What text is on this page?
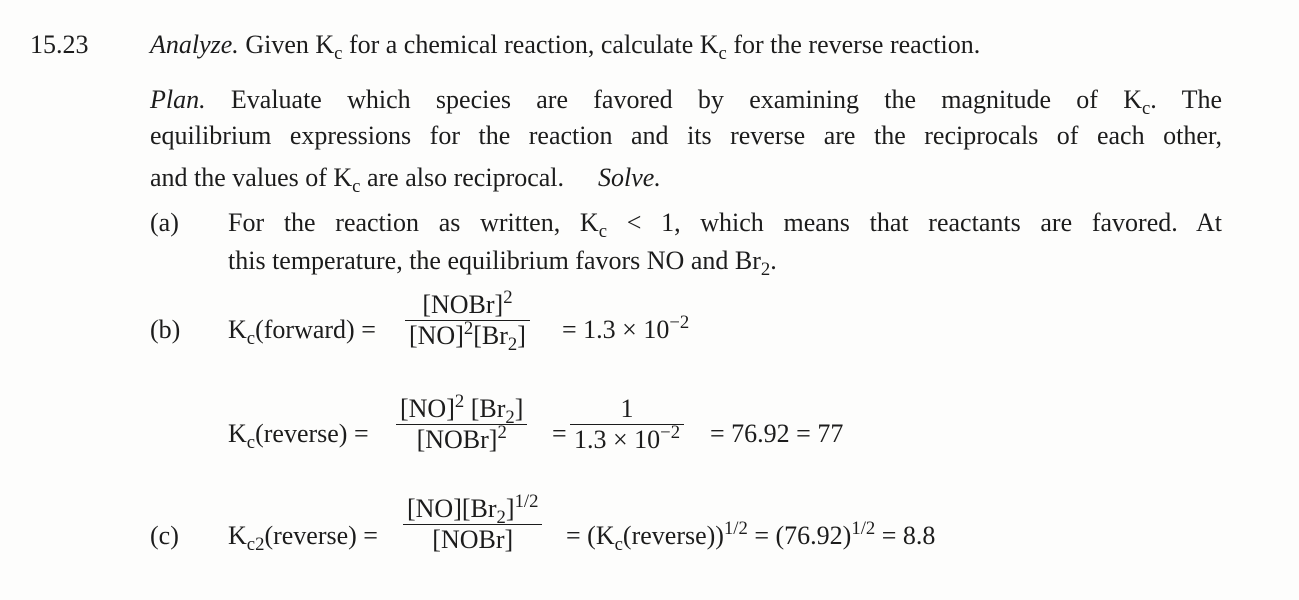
15.23 Analyze. Given $K_c$ for a chemical reaction, calculate $K_c$ for the reverse reaction.
Plan. Evaluate which species are favored by examining the magnitude of $K_c$. The
equilibrium expressions for the reaction and its reverse are the reciprocals of each other,
and the values of $K_c$ are also reciprocal. Solve.
(a) For the reaction as written, $K_c < 1$, which means that reactants are favored. At
this temperature, the equilibrium favors NO and $Br_2$.
(b) $K_c(forward)$ =
[NOBr]$^2$
$[NO]^2[Br_2] = 1.3 \times 10^{-2}$
$K_c(reverse)$ =
[NO]$^2$ $[Br_2]$
[NOBr]$^2$ =
1
$1.3 \times 10^{-2} = 76.92 = 77$
(c) $K_{c2}(reverse)$ =
$[NO][Br_2]^{1/2}$
[NOBr] = $(K_c(reverse))^{1/2} = (76.92)^{1/2} = 8.8$
